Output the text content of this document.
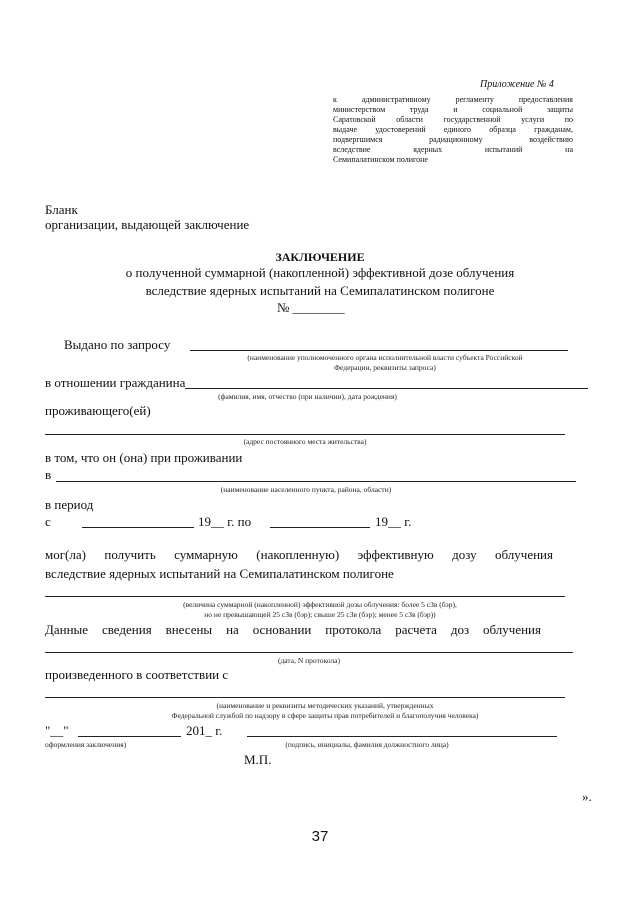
Приложение № 4
к административному регламенту предоставления
министерством труда и социальной защиты
Саратовской области государственной услуги по
выдаче удостоверений единого образца гражданам,
подвергшимся радиационному воздействию
вследствие ядерных испытаний на
Семипалатинском полигоне
Бланк
организации, выдающей заключение
ЗАКЛЮЧЕНИЕ
о полученной суммарной (накопленной) эффективной дозе облучения
вследствие ядерных испытаний на Семипалатинском полигоне
№ ________
Выдано по запросу
(наименование уполномоченного органа исполнительной власти субъекта Российской
Федерации, реквизиты запроса)
в отношении гражданина
(фамилия, имя, отчество (при наличии), дата рождения)
проживающего(ей)
(адрес постоянного места жительства)
в том, что он (она) при проживании
в
(наименование населенного пункта, района, области)
в период
с	19__ г. по	19__ г.
мог(ла) получить суммарную (накопленную) эффективную дозу облучения
вследствие ядерных испытаний на Семипалатинском полигоне
(величина суммарной (накопленной) эффективной дозы облучения: более 5 сЗв (бэр),
но не превышающей 25 сЗв (бэр); свыше 25 сЗв (бэр); менее 5 сЗв (бэр))
Данные сведения внесены на основании протокола расчета доз облучения
(дата, N протокола)
произведенного в соответствии с
(наименование и реквизиты методических указаний, утвержденных
Федеральной службой по надзору в сфере защиты прав потребителей и благополучия человека)
"__"	201_ г.
оформления заключения)	(подпись, инициалы, фамилия должностного лица)
М.П.
».
37
